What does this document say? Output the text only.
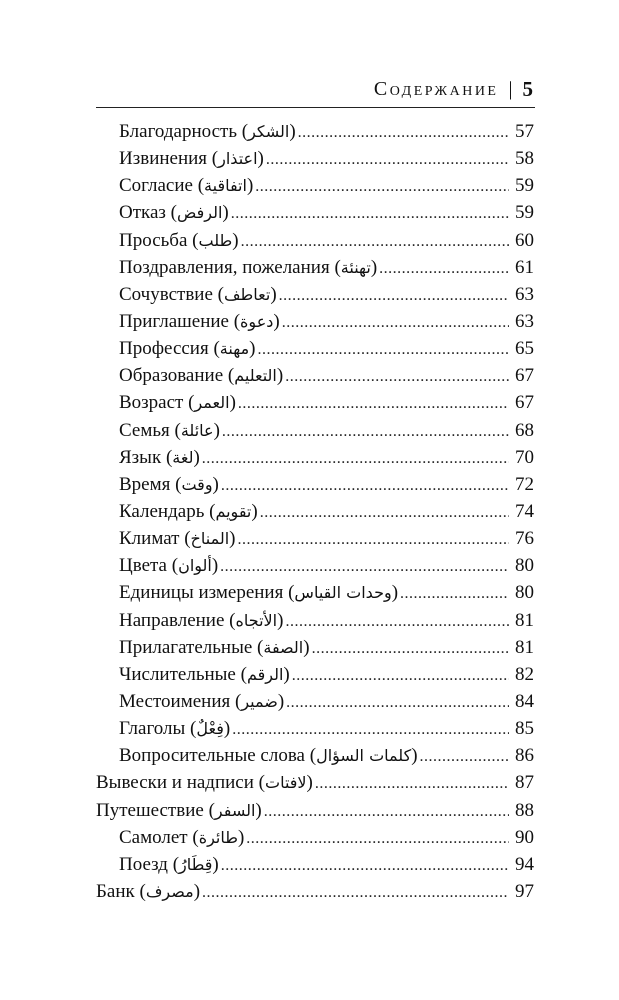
Содержание | 5
Благодарность (الشكر) .....	57
Извинения (اعتذار) .....	58
Согласие (اتفاقية) .....	59
Отказ (الرفض) .....	59
Просьба (طلب) .....	60
Поздравления, пожелания (تهنئة) .....	61
Сочувствие (تعاطف) .....	63
Приглашение (دعوة) .....	63
Профессия (مهنة) .....	65
Образование (التعليم) .....	67
Возраст (العمر) .....	67
Семья (عائلة) .....	68
Язык (لغة) .....	70
Время (وقت) .....	72
Календарь (تقويم) .....	74
Климат (المناخ) .....	76
Цвета (ألوان) .....	80
Единицы измерения (وحدات القياس) .....	80
Направление (الأتجاه) .....	81
Прилагательные (الصفة) .....	81
Числительные (الرقم) .....	82
Местоимения (ضمير) .....	84
Глаголы (فِعْلٌ) .....	85
Вопросительные слова (كلمات السؤال) .....	86
Вывески и надписи (لافتات) .....	87
Путешествие (السفر) .....	88
Самолет (طائرة) .....	90
Поезд (قِطَارُ) .....	94
Банк (مصرف) .....	97
